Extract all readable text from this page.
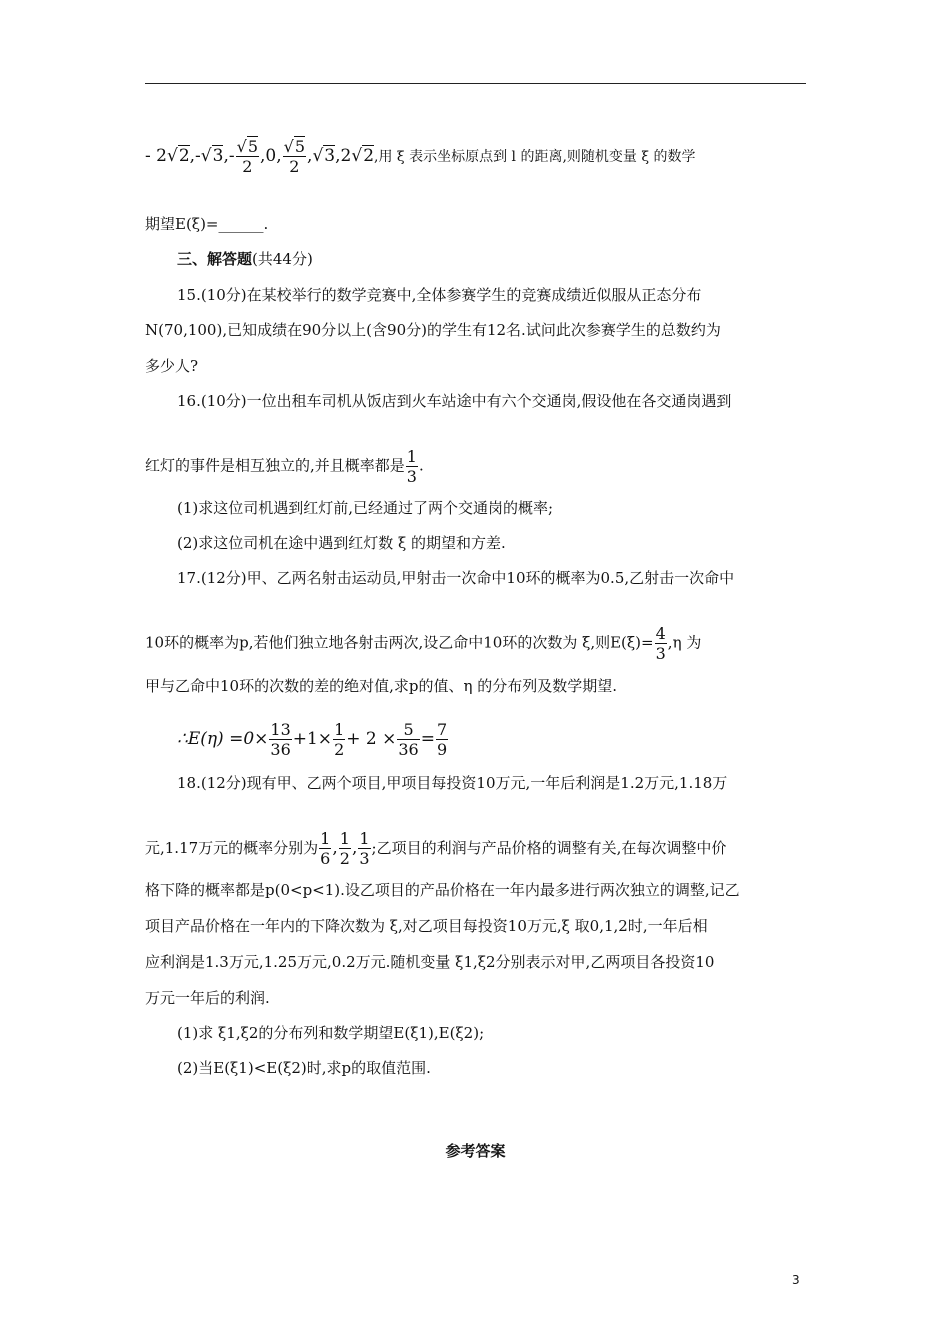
- $2√2,-√3,- \frac{√5}{2} ,0$, $\frac{√5}{2} ,√3,2√2$,用 ξ 表示坐标原点到 l 的距离,则随机变量 ξ 的数学
期望E(ξ)=______.
三、解答题(共44分)
15.(10分)在某校举行的数学竞赛中,全体参赛学生的竞赛成绩近似服从正态分布
N(70,100),已知成绩在90分以上(含90分)的学生有12名.试问此次参赛学生的总数约为
多少人?
16.(10分)一位出租车司机从饭店到火车站途中有六个交通岗,假设他在各交通岗遇到
红灯的事件是相互独立的,并且概率都是 $\frac{1}{3}$ .
(1)求这位司机遇到红灯前,已经通过了两个交通岗的概率;
(2)求这位司机在途中遇到红灯数 ξ 的期望和方差.
17.(12分)甲、乙两名射击运动员,甲射击一次命中10环的概率为0.5,乙射击一次命中
10环的概率为p,若他们独立地各射击两次,设乙命中10环的次数为 ξ,则$E(\xi)= \frac{4}{3} ,\eta$ 为
甲与乙命中10环的次数的差的绝对值,求p的值、η 的分布列及数学期望.
∴E(η) $=0\times \frac{13}{36} +1\times \frac{1}{2} + 2 \times \frac{5}{36} = \frac{7}{9}$
18.(12分)现有甲、乙两个项目,甲项目每投资10万元,一年后利润是1.2万元,1.18万
元,1.17万元的概率分别为 $\frac{1}{6}$ , $\frac{1}{2}$ , $\frac{1}{3}$ ;乙项目的利润与产品价格的调整有关,在每次调整中价
格下降的概率都是p(0<p<1).设乙项目的产品价格在一年内最多进行两次独立的调整,记乙
项目产品价格在一年内的下降次数为 ξ,对乙项目每投资10万元,ξ 取0,1,2时,一年后相
应利润是1.3万元,1.25万元,0.2万元.随机变量 ξ1,ξ2分别表示对甲,乙两项目各投资10
万元一年后的利润.
(1)求 ξ1,ξ2的分布列和数学期望E(ξ1),E(ξ2);
(2)当E(ξ1)<E(ξ2)时,求p的取值范围.
参考答案
3
